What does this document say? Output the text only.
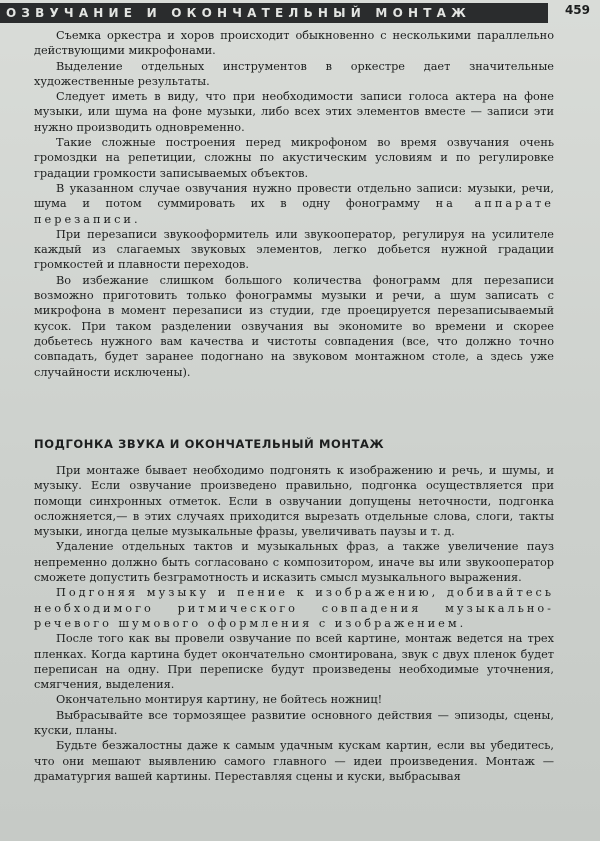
ОЗВУЧАНИЕ И ОКОНЧАТЕЛЬНЫЙ МОНТАЖ	459

Съемка оркестра и хоров происходит обыкновенно с несколькими параллельно действующими микрофонами.

Выделение отдельных инструментов в оркестре дает значительные художественные результаты.

Следует иметь в виду, что при необходимости записи голоса актера на фоне музыки, или шума на фоне музыки, либо всех этих элементов вместе — записи эти нужно производить одновременно.

Такие сложные построения перед микрофоном во время озвучания очень громоздки на репетиции, сложны по акустическим условиям и по регулировке градации громкости записываемых объектов.

В указанном случае озвучания нужно провести отдельно записи: музыки, речи, шума и потом суммировать их в одну фонограмму на аппарате перезаписи.

При перезаписи звукооформитель или звукооператор, регулируя на усилителе каждый из слагаемых звуковых элементов, легко добьется нужной градации громкостей и плавности переходов.

Во избежание слишком большого количества фонограмм для перезаписи возможно приготовить только фонограммы музыки и речи, а шум записать с микрофона в момент перезаписи из студии, где проецируется перезаписываемый кусок. При таком разделении озвучания вы экономите во времени и скорее добьетесь нужного вам качества и чистоты совпадения (все, что должно точно совпадать, будет заранее подогнано на звуковом монтажном столе, а здесь уже случайности исключены).

ПОДГОНКА ЗВУКА И ОКОНЧАТЕЛЬНЫЙ МОНТАЖ

При монтаже бывает необходимо подгонять к изображению и речь, и шумы, и музыку. Если озвучание произведено правильно, подгонка осуществляется при помощи синхронных отметок. Если в озвучании допущены неточности, подгонка осложняется,— в этих случаях приходится вырезать отдельные слова, слоги, такты музыки, иногда целые музыкальные фразы, увеличивать паузы и т. д.

Удаление отдельных тактов и музыкальных фраз, а также увеличение пауз непременно должно быть согласовано с композитором, иначе вы или звукооператор сможете допустить безграмотность и исказить смысл музыкального выражения.

Подгоняя музыку и пение к изображению, добивайтесь необходимого ритмического совпадения музыкально-речевого шумового оформления с изображением.

После того как вы провели озвучание по всей картине, монтаж ведется на трех пленках. Когда картина будет окончательно смонтирована, звук с двух пленок будет переписан на одну. При переписке будут произведены необходимые уточнения, смягчения, выделения.

Окончательно монтируя картину, не бойтесь ножниц!

Выбрасывайте все тормозящее развитие основного действия — эпизоды, сцены, куски, планы.

Будьте безжалостны даже к самым удачным кускам картин, если вы убедитесь, что они мешают выявлению самого главного — идеи произведения. Монтаж — драматургия вашей картины. Переставляя сцены и куски, выбрасывая
